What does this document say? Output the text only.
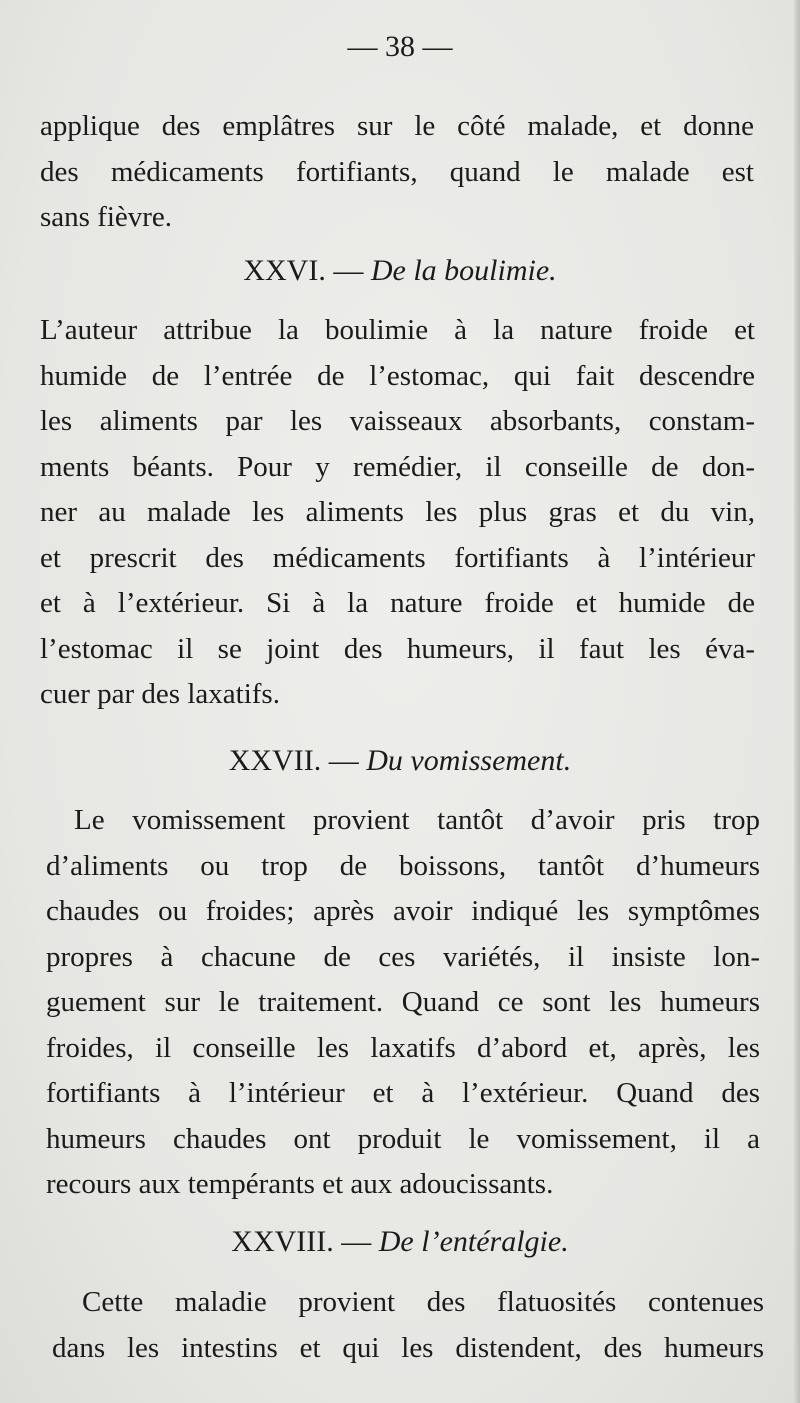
— 38 —
applique des emplâtres sur le côté malade, et donne
des médicaments fortifiants, quand le malade est
sans fièvre.
XXVI. — De la boulimie.
L’auteur attribue la boulimie à la nature froide et
humide de l’entrée de l’estomac, qui fait descendre
les aliments par les vaisseaux absorbants, constam-
ments béants. Pour y remédier, il conseille de don-
ner au malade les aliments les plus gras et du vin,
et prescrit des médicaments fortifiants à l’intérieur
et à l’extérieur. Si à la nature froide et humide de
l’estomac il se joint des humeurs, il faut les éva-
cuer par des laxatifs.
XXVII. — Du vomissement.
Le vomissement provient tantôt d’avoir pris trop
d’aliments ou trop de boissons, tantôt d’humeurs
chaudes ou froides; après avoir indiqué les symptômes
propres à chacune de ces variétés, il insiste lon-
guement sur le traitement. Quand ce sont les humeurs
froides, il conseille les laxatifs d’abord et, après, les
fortifiants à l’intérieur et à l’extérieur. Quand des
humeurs chaudes ont produit le vomissement, il a
recours aux tempérants et aux adoucissants.
XXVIII. — De l’entéralgie.
Cette maladie provient des flatuosités contenues
dans les intestins et qui les distendent, des humeurs
